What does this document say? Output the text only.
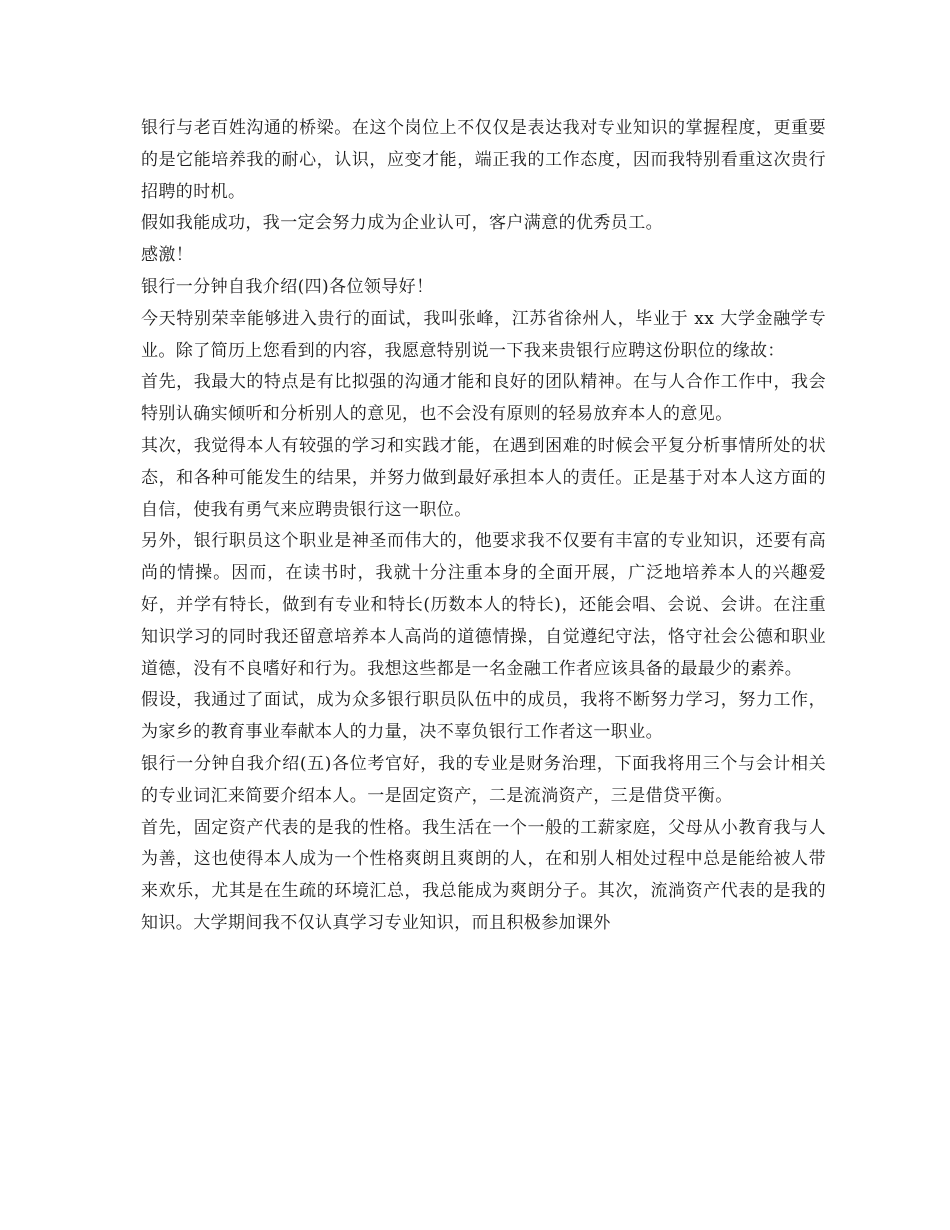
银行与老百姓沟通的桥梁。在这个岗位上不仅仅是表达我对专业知识的掌握程度，更重要的是它能培养我的耐心，认识，应变才能，端正我的工作态度，因而我特别看重这次贵行招聘的时机。

假如我能成功，我一定会努力成为企业认可，客户满意的优秀员工。

感激！

银行一分钟自我介绍(四)各位领导好！

今天特别荣幸能够进入贵行的面试，我叫张峰，江苏省徐州人，毕业于 xx 大学金融学专业。除了简历上您看到的内容，我愿意特别说一下我来贵银行应聘这份职位的缘故：

首先，我最大的特点是有比拟强的沟通才能和良好的团队精神。在与人合作工作中，我会特别认确实倾听和分析别人的意见，也不会没有原则的轻易放弃本人的意见。

其次，我觉得本人有较强的学习和实践才能，在遇到困难的时候会平复分析事情所处的状态，和各种可能发生的结果，并努力做到最好承担本人的责任。正是基于对本人这方面的自信，使我有勇气来应聘贵银行这一职位。

另外，银行职员这个职业是神圣而伟大的，他要求我不仅要有丰富的专业知识，还要有高尚的情操。因而，在读书时，我就十分注重本身的全面开展，广泛地培养本人的兴趣爱好，并学有特长，做到有专业和特长(历数本人的特长)，还能会唱、会说、会讲。在注重知识学习的同时我还留意培养本人高尚的道德情操，自觉遵纪守法，恪守社会公德和职业道德，没有不良嗜好和行为。我想这些都是一名金融工作者应该具备的最最少的素养。

假设，我通过了面试，成为众多银行职员队伍中的成员，我将不断努力学习，努力工作，为家乡的教育事业奉献本人的力量，决不辜负银行工作者这一职业。

银行一分钟自我介绍(五)各位考官好，我的专业是财务治理，下面我将用三个与会计相关的专业词汇来简要介绍本人。一是固定资产，二是流淌资产，三是借贷平衡。

首先，固定资产代表的是我的性格。我生活在一个一般的工薪家庭，父母从小教育我与人为善，这也使得本人成为一个性格爽朗且爽朗的人，在和别人相处过程中总是能给被人带来欢乐，尤其是在生疏的环境汇总，我总能成为爽朗分子。其次，流淌资产代表的是我的知识。大学期间我不仅认真学习专业知识，而且积极参加课外
